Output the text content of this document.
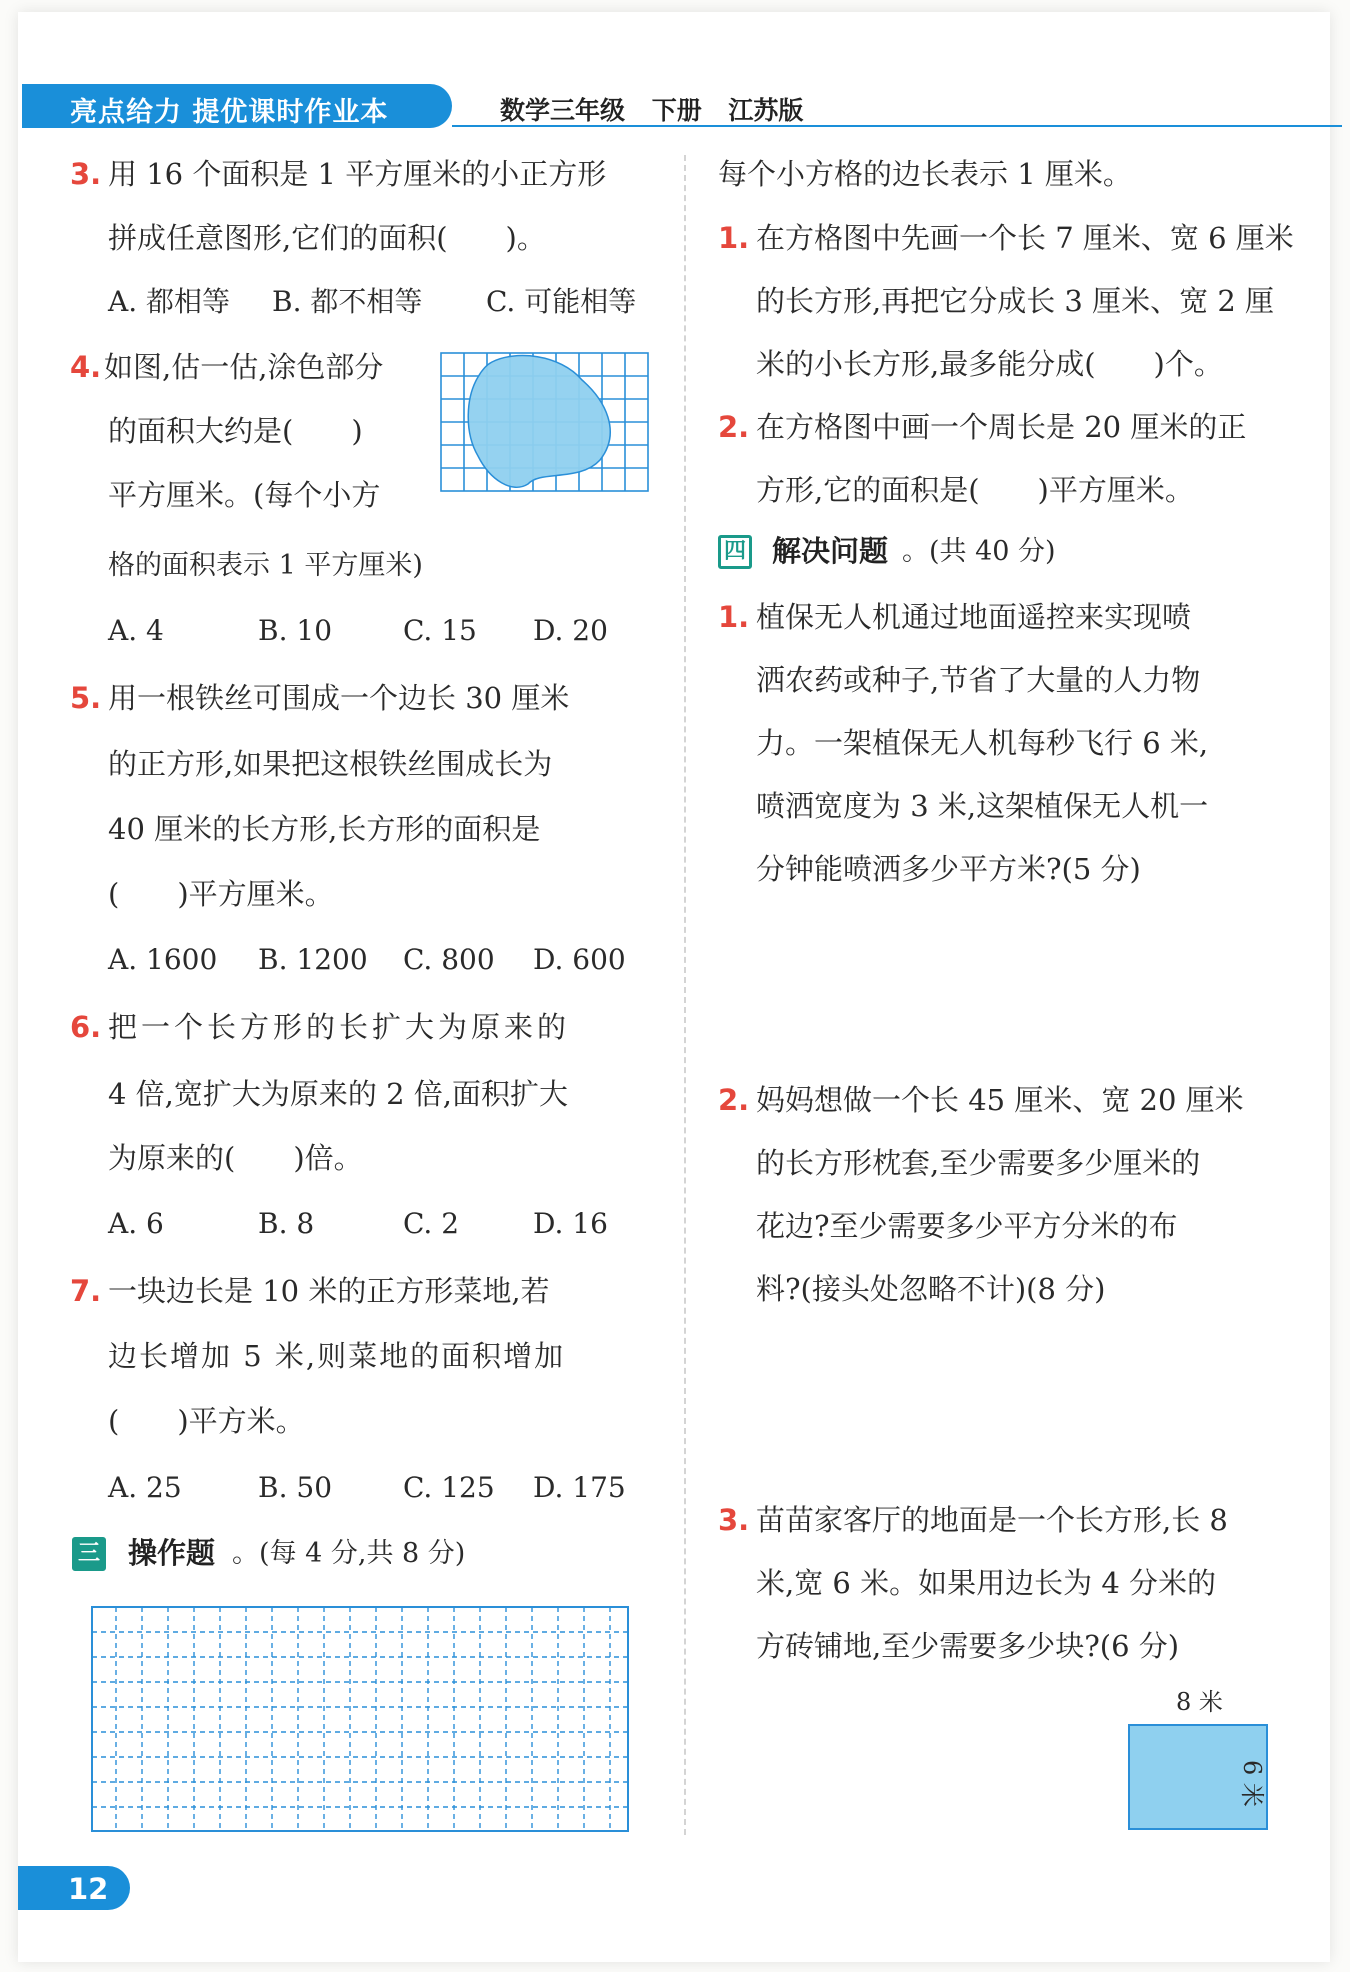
亮点给力 提优课时作业本	数学三年级 下册 江苏版
3. 用 16 个面积是 1 平方厘米的小正方形
拼成任意图形,它们的面积(　　)。
A. 都相等 B. 都不相等 C. 可能相等
4. 如图,估一估,涂色部分
的面积大约是(　　)
平方厘米。(每个小方
格的面积表示 1 平方厘米)
A. 4	B. 10	C. 15 D. 20
5. 用一根铁丝可围成一个边长 30 厘米
的正方形,如果把这根铁丝围成长为
40 厘米的长方形,长方形的面积是
(　　)平方厘米。
A. 1600 B. 1200 C. 800 D. 600
6. 把一个长方形的长扩大为原来的
4 倍,宽扩大为原来的 2 倍,面积扩大
为原来的(　　)倍。
A. 6	B. 8	C. 2	D. 16
7. 一块边长是 10 米的正方形菜地,若
边长增加 5 米,则菜地的面积增加
(　　)平方米。
A. 25	B. 50	C. 125 D. 175
三 操作题 。(每 4 分,共 8 分)
每个小方格的边长表示 1 厘米。
1. 在方格图中先画一个长 7 厘米、宽 6 厘米
的长方形,再把它分成长 3 厘米、宽 2 厘
米的小长方形,最多能分成(　　)个。
2. 在方格图中画一个周长是 20 厘米的正
方形,它的面积是(　　)平方厘米。
四 解决问题 。(共 40 分)
1. 植保无人机通过地面遥控来实现喷
洒农药或种子,节省了大量的人力物
力。一架植保无人机每秒飞行 6 米,
喷洒宽度为 3 米,这架植保无人机一
分钟能喷洒多少平方米?(5 分)
2. 妈妈想做一个长 45 厘米、宽 20 厘米
的长方形枕套,至少需要多少厘米的
花边?至少需要多少平方分米的布
料?(接头处忽略不计)(8 分)
3. 苗苗家客厅的地面是一个长方形,长 8
米,宽 6 米。如果用边长为 4 分米的
方砖铺地,至少需要多少块?(6 分)
8 米
6 米
12
